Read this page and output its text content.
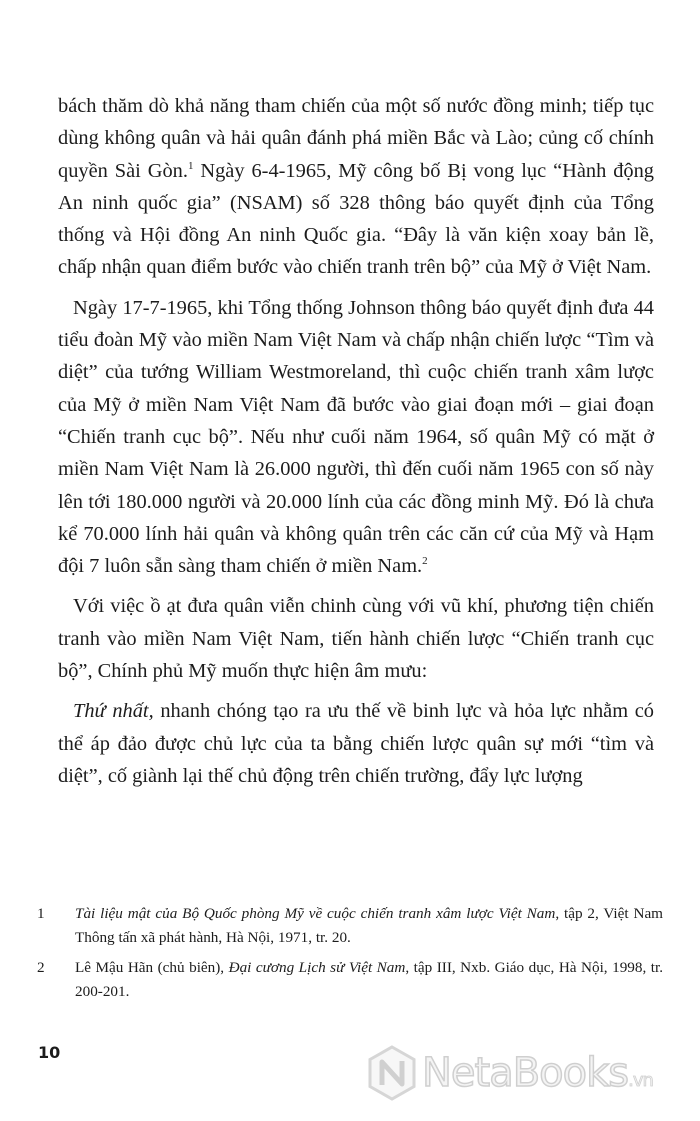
bách thăm dò khả năng tham chiến của một số nước đồng minh; tiếp tục dùng không quân và hải quân đánh phá miền Bắc và Lào; củng cố chính quyền Sài Gòn.$^1$ Ngày 6-4-1965, Mỹ công bố Bị vong lục “Hành động An ninh quốc gia” (NSAM) số 328 thông báo quyết định của Tổng thống và Hội đồng An ninh Quốc gia. “Đây là văn kiện xoay bản lề, chấp nhận quan điểm bước vào chiến tranh trên bộ” của Mỹ ở Việt Nam.

Ngày 17-7-1965, khi Tổng thống Johnson thông báo quyết định đưa 44 tiểu đoàn Mỹ vào miền Nam Việt Nam và chấp nhận chiến lược “Tìm và diệt” của tướng William Westmoreland, thì cuộc chiến tranh xâm lược của Mỹ ở miền Nam Việt Nam đã bước vào giai đoạn mới – giai đoạn “Chiến tranh cục bộ”. Nếu như cuối năm 1964, số quân Mỹ có mặt ở miền Nam Việt Nam là 26.000 người, thì đến cuối năm 1965 con số này lên tới 180.000 người và 20.000 lính của các đồng minh Mỹ. Đó là chưa kể 70.000 lính hải quân và không quân trên các căn cứ của Mỹ và Hạm đội 7 luôn sẵn sàng tham chiến ở miền Nam.$^2$

Với việc ồ ạt đưa quân viễn chinh cùng với vũ khí, phương tiện chiến tranh vào miền Nam Việt Nam, tiến hành chiến lược “Chiến tranh cục bộ”, Chính phủ Mỹ muốn thực hiện âm mưu:

Thứ nhất, nhanh chóng tạo ra ưu thế về binh lực và hỏa lực nhằm có thể áp đảo được chủ lực của ta bằng chiến lược quân sự mới “tìm và diệt”, cố giành lại thế chủ động trên chiến trường, đẩy lực lượng

1	Tài liệu mật của Bộ Quốc phòng Mỹ về cuộc chiến tranh xâm lược Việt Nam, tập 2, Việt Nam Thông tấn xã phát hành, Hà Nội, 1971, tr. 20.
2	Lê Mậu Hãn (chủ biên), Đại cương Lịch sử Việt Nam, tập III, Nxb. Giáo dục, Hà Nội, 1998, tr. 200-201.
10	NetaBooks.vn
